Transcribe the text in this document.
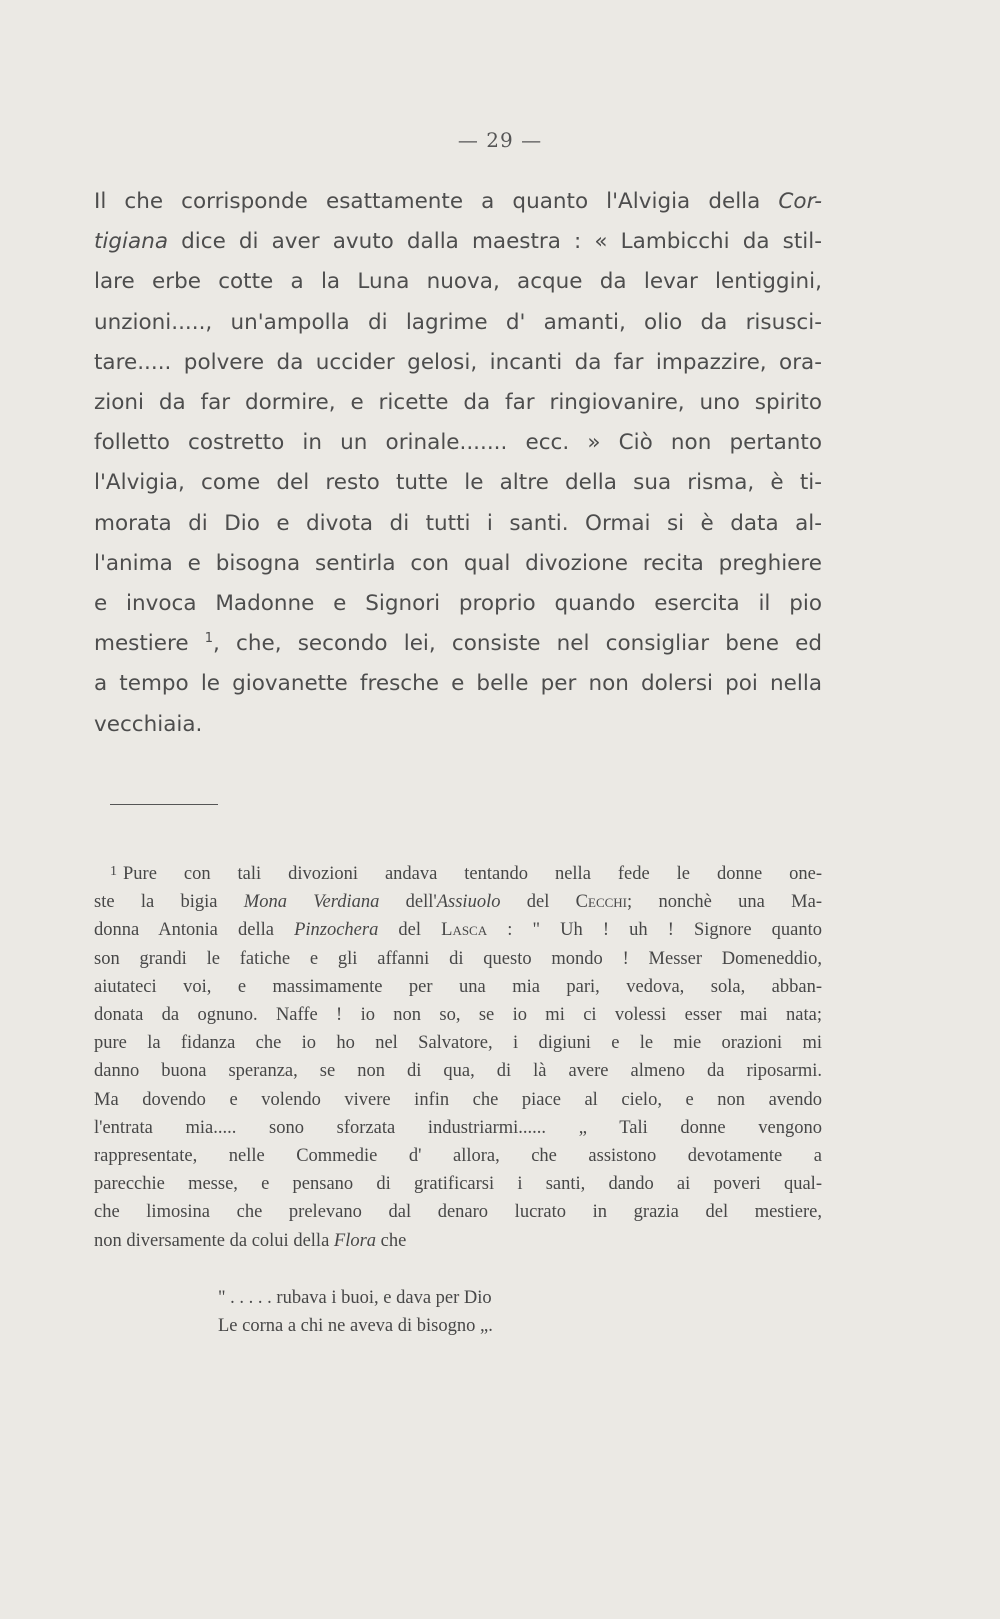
— 29 —
Il che corrisponde esattamente a quanto l'Alvigia della Cor-
tigiana dice di aver avuto dalla maestra : « Lambicchi da stil-
lare erbe cotte a la Luna nuova, acque da levar lentiggini,
unzioni....., un'ampolla di lagrime d' amanti, olio da risusci-
tare..... polvere da uccider gelosi, incanti da far impazzire, ora-
zioni da far dormire, e ricette da far ringiovanire, uno spirito
folletto costretto in un orinale....... ecc. » Ciò non pertanto
l'Alvigia, come del resto tutte le altre della sua risma, è ti-
morata di Dio e divota di tutti i santi. Ormai si è data al-
l'anima e bisogna sentirla con qual divozione recita preghiere
e invoca Madonne e Signori proprio quando esercita il pio
mestiere $^1$, che, secondo lei, consiste nel consigliar bene ed
a tempo le giovanette fresche e belle per non dolersi poi nella
vecchiaia.
$^1$ Pure con tali divozioni andava tentando nella fede le donne one-
ste la bigia Mona Verdiana dell'Assiuolo del Cecchi; nonchè una Ma-
donna Antonia della Pinzochera del Lasca : " Uh ! uh ! Signore quanto
son grandi le fatiche e gli affanni di questo mondo ! Messer Domeneddio,
aiutateci voi, e massimamente per una mia pari, vedova, sola, abban-
donata da ognuno. Naffe ! io non so, se io mi ci volessi esser mai nata;
pure la fidanza che io ho nel Salvatore, i digiuni e le mie orazioni mi
danno buona speranza, se non di qua, di là avere almeno da riposarmi.
Ma dovendo e volendo vivere infin che piace al cielo, e non avendo
l'entrata mia..... sono sforzata industriarmi...... „ Tali donne vengono
rappresentate, nelle Commedie d' allora, che assistono devotamente a
parecchie messe, e pensano di gratificarsi i santi, dando ai poveri qual-
che limosina che prelevano dal denaro lucrato in grazia del mestiere,
non diversamente da colui della Flora che
" . . . . . rubava i buoi, e dava per Dio
Le corna a chi ne aveva di bisogno „.
